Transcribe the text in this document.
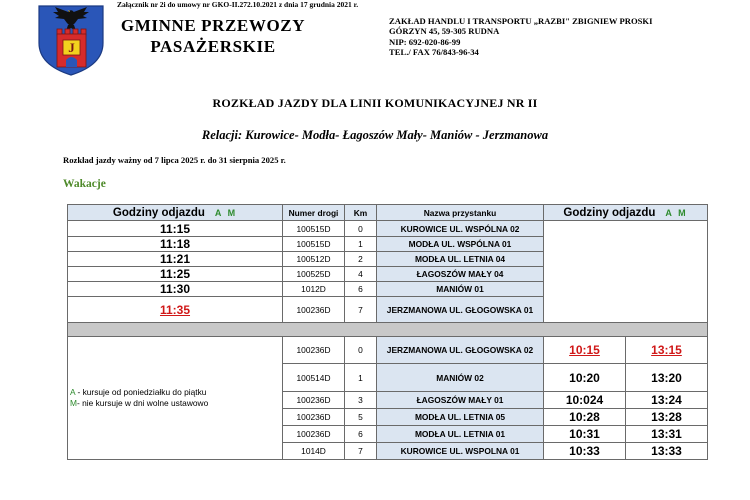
Załącznik nr 2i do umowy nr GKO-II.272.10.2021 z dnia 17 grudnia 2021 r.
J
GMINNE PRZEWOZY
PASAŻERSKIE
ZAKŁAD HANDLU I TRANSPORTU „RAZBI" ZBIGNIEW PROSKI
GÓRZYN 45, 59-305 RUDNA
NIP: 692-020-86-99
TEL./ FAX 76/843-96-34
ROZKŁAD JAZDY DLA LINII KOMUNIKACYJNEJ NR II
Relacji: Kurowice- Modła- Łagoszów Mały- Maniów - Jerzmanowa
Rozkład jazdy ważny od 7 lipca 2025 r. do 31 sierpnia 2025 r.
Wakacje
Godziny odjazdu A M	Numer drogi	Km	Nazwa przystanku	Godziny odjazdu A M	
11:15	100515D	0	KUROWICE UL. WSPÓLNA 02		
11:18	100515D	1	MODŁA UL. WSPÓLNA 01		
11:21	100512D	2	MODŁA UL. LETNIA 04		
11:25	100525D	4	ŁAGOSZÓW MAŁY 04		
11:30	1012D	6	MANIÓW 01		
11:35	100236D	7	JERZMANOWA UL. GŁOGOWSKA 01		

A - kursuje od poniedziałku do piątku
M- nie kursuje w dni wolne ustawowo	100236D	0	JERZMANOWA UL. GŁOGOWSKA 02	10:15	13:15
	100514D	1	MANIÓW 02	10:20	13:20
	100236D	3	ŁAGOSZÓW MAŁY 01	10:024	13:24
	100236D	5	MODŁA UL. LETNIA 05	10:28	13:28
	100236D	6	MODŁA UL. LETNIA 01	10:31	13:31
	1014D	7	KUROWICE UL. WSPOLNA 01	10:33	13:33
